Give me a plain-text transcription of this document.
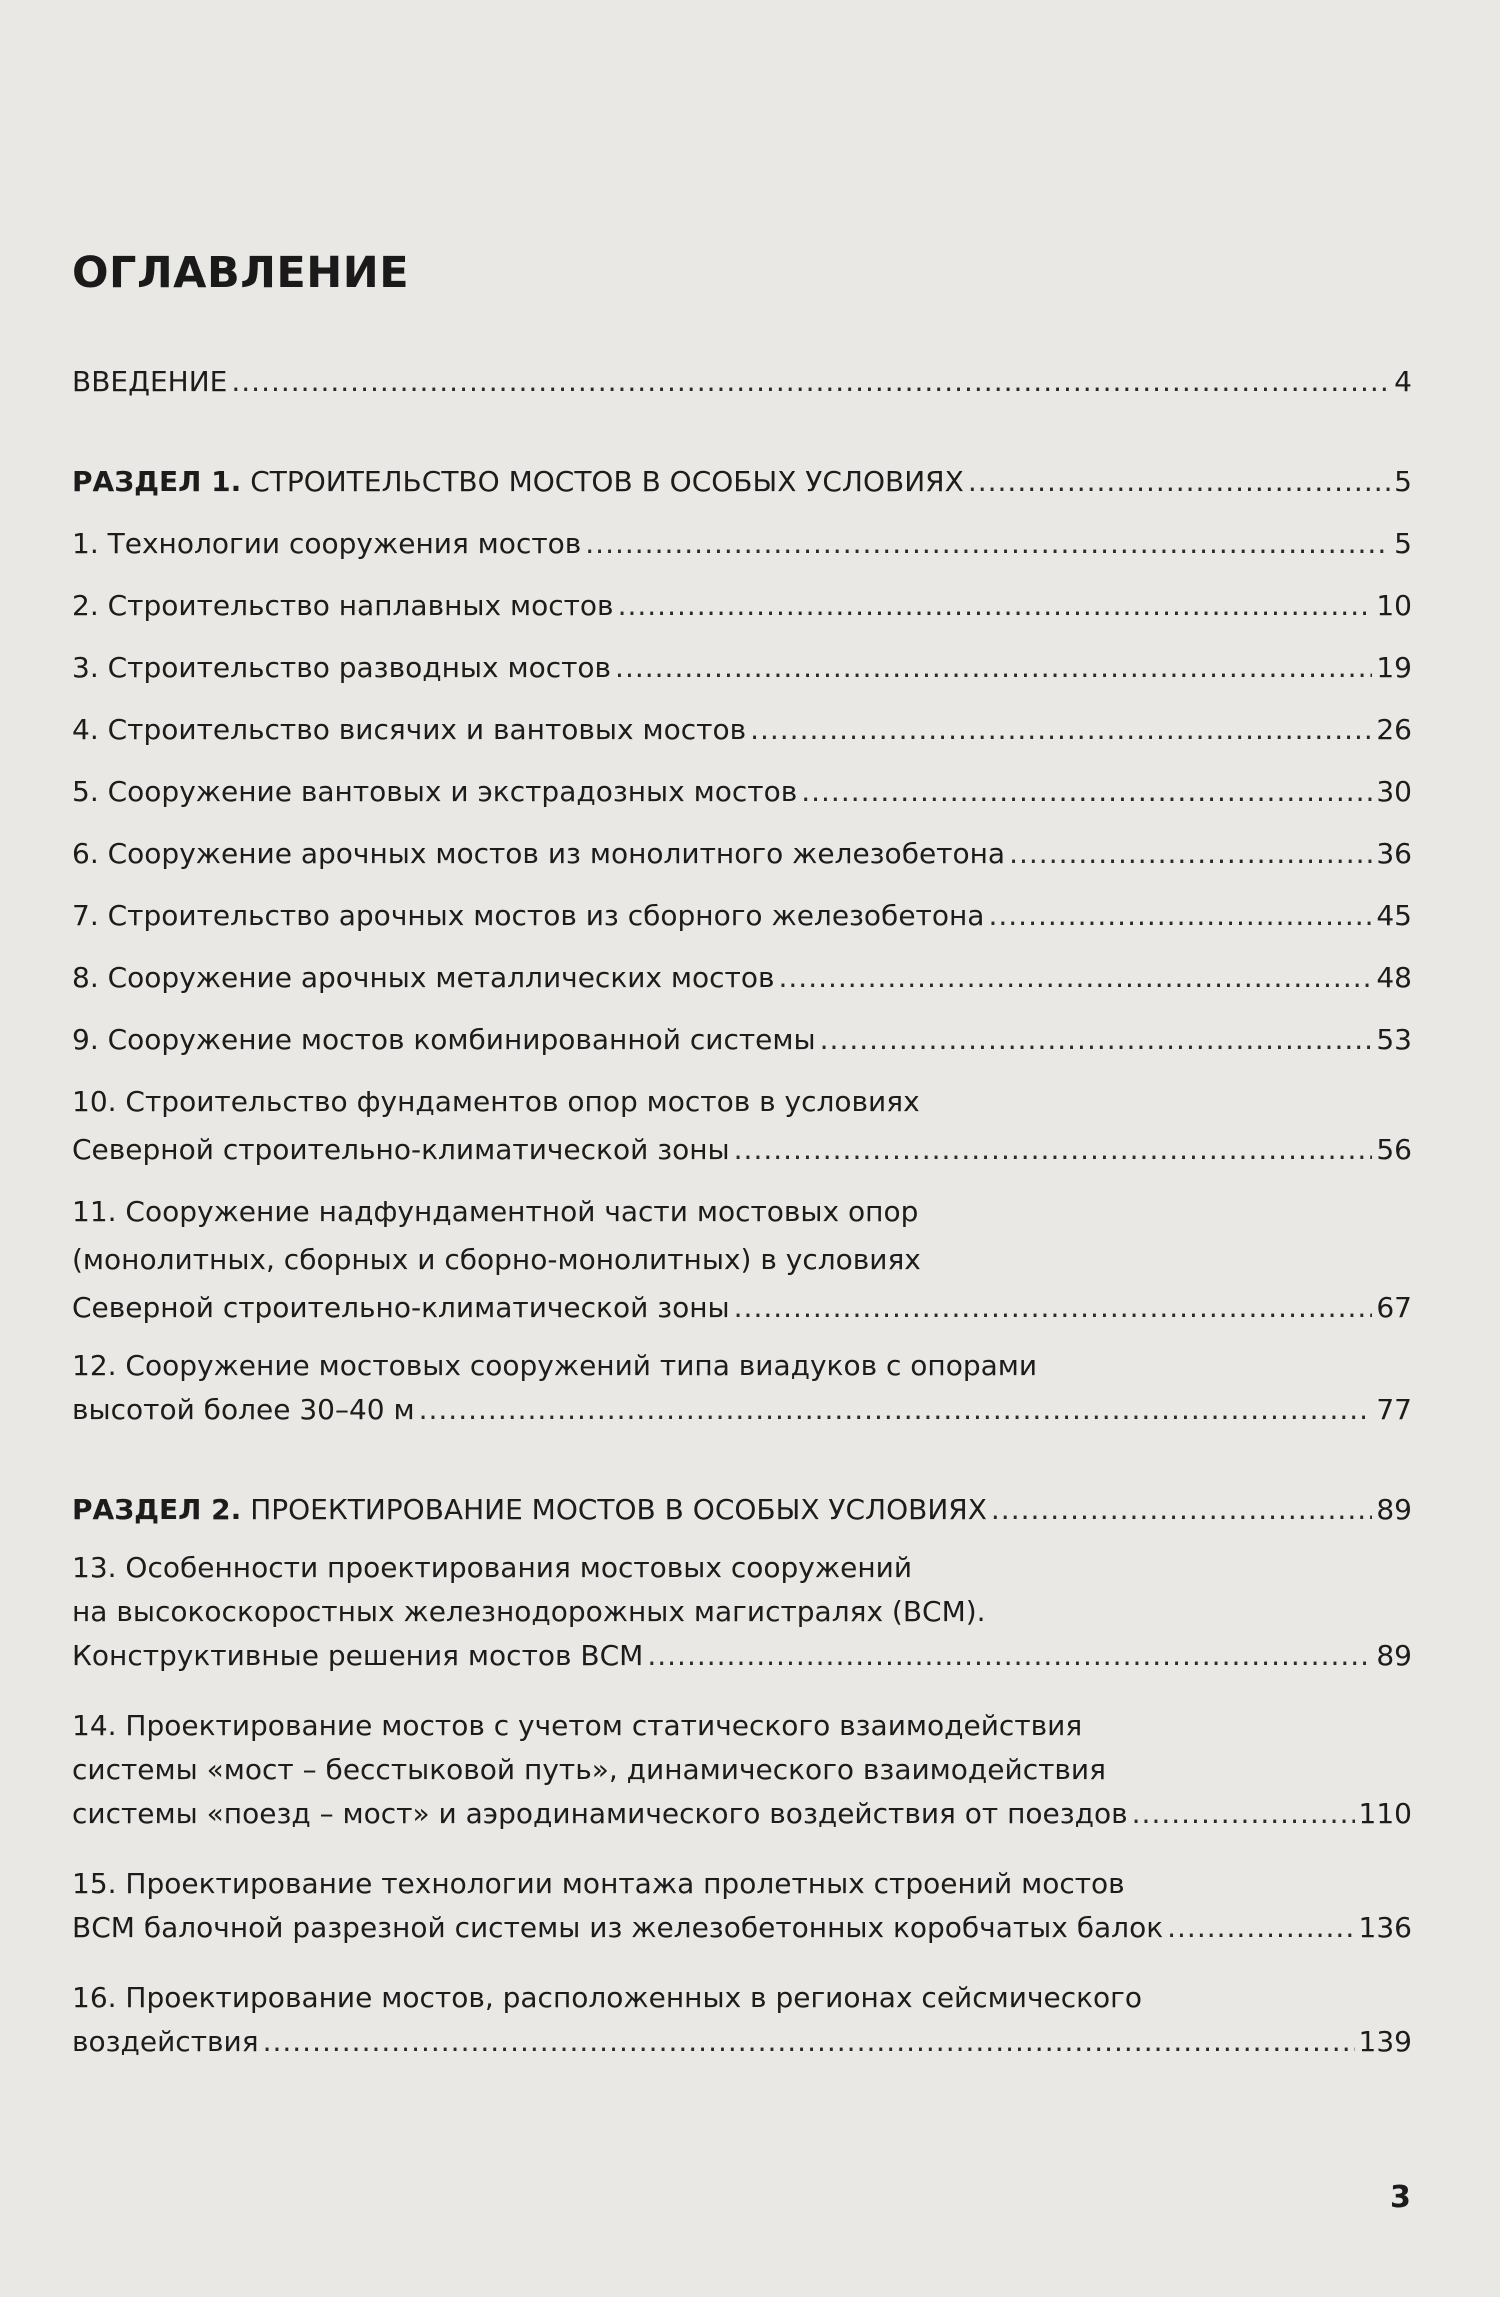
ОГЛАВЛЕНИЕ
ВВЕДЕНИЕ .....	4
РАЗДЕЛ 1. СТРОИТЕЛЬСТВО МОСТОВ В ОСОБЫХ УСЛОВИЯХ .....	5
1. Технологии сооружения мостов .....	5
2. Строительство наплавных мостов .....	10
3. Строительство разводных мостов .....	19
4. Строительство висячих и вантовых мостов .....	26
5. Сооружение вантовых и экстрадозных мостов .....	30
6. Сооружение арочных мостов из монолитного железобетона .....	36
7. Строительство арочных мостов из сборного железобетона .....	45
8. Сооружение арочных металлических мостов .....	48
9. Сооружение мостов комбинированной системы .....	53
10. Строительство фундаментов опор мостов в условиях
Северной строительно-климатической зоны .....	56
11. Сооружение надфундаментной части мостовых опор
(монолитных, сборных и сборно-монолитных) в условиях
Северной строительно-климатической зоны .....	67
12. Сооружение мостовых сооружений типа виадуков с опорами
высотой более 30–40 м .....	77
РАЗДЕЛ 2. ПРОЕКТИРОВАНИЕ МОСТОВ В ОСОБЫХ УСЛОВИЯХ .....	89
13. Особенности проектирования мостовых сооружений
на высокоскоростных железнодорожных магистралях (ВСМ).
Конструктивные решения мостов ВСМ .....	89
14. Проектирование мостов с учетом статического взаимодействия
системы «мост – бесстыковой путь», динамического взаимодействия
системы «поезд – мост» и аэродинамического воздействия от поездов .....	110
15. Проектирование технологии монтажа пролетных строений мостов
ВСМ балочной разрезной системы из железобетонных коробчатых балок .....	136
16. Проектирование мостов, расположенных в регионах сейсмического
воздействия .....	139
3
